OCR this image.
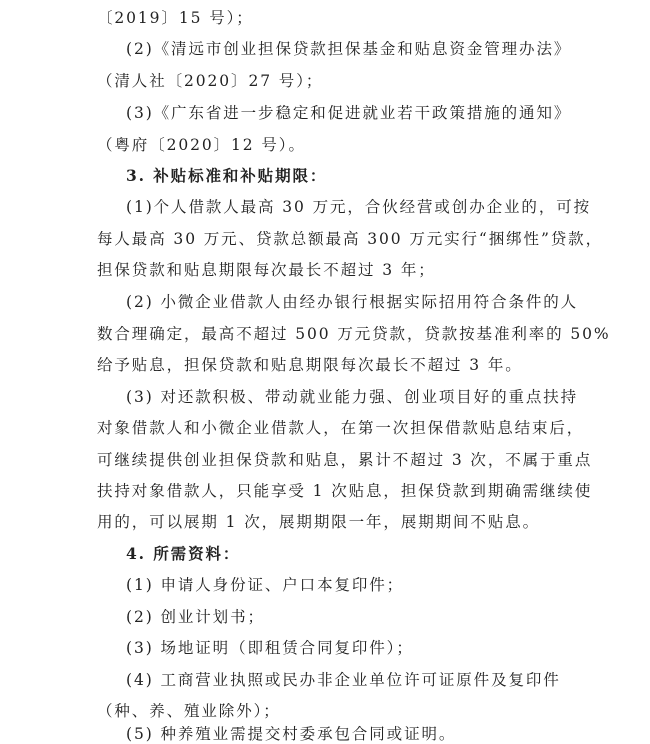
〔2019〕15 号）；
(2)《清远市创业担保贷款担保基金和贴息资金管理办法》
（清人社〔2020〕27 号）；
(3)《广东省进一步稳定和促进就业若干政策措施的通知》
（粤府〔2020〕12 号）。
3. 补贴标准和补贴期限：
(1)个人借款人最高 30 万元，合伙经营或创办企业的，可按
每人最高 30 万元、贷款总额最高 300 万元实行“捆绑性”贷款，
担保贷款和贴息期限每次最长不超过 3 年；
(2) 小微企业借款人由经办银行根据实际招用符合条件的人
数合理确定，最高不超过 500 万元贷款，贷款按基准利率的 50%
给予贴息，担保贷款和贴息期限每次最长不超过 3 年。
(3) 对还款积极、带动就业能力强、创业项目好的重点扶持
对象借款人和小微企业借款人，在第一次担保借款贴息结束后，
可继续提供创业担保贷款和贴息，累计不超过 3 次，不属于重点
扶持对象借款人，只能享受 1 次贴息，担保贷款到期确需继续使
用的，可以展期 1 次，展期期限一年，展期期间不贴息。
4. 所需资料：
(1) 申请人身份证、户口本复印件；
(2) 创业计划书；
(3) 场地证明（即租赁合同复印件）；
(4) 工商营业执照或民办非企业单位许可证原件及复印件
（种、养、殖业除外）；
(5) 种养殖业需提交村委承包合同或证明。
